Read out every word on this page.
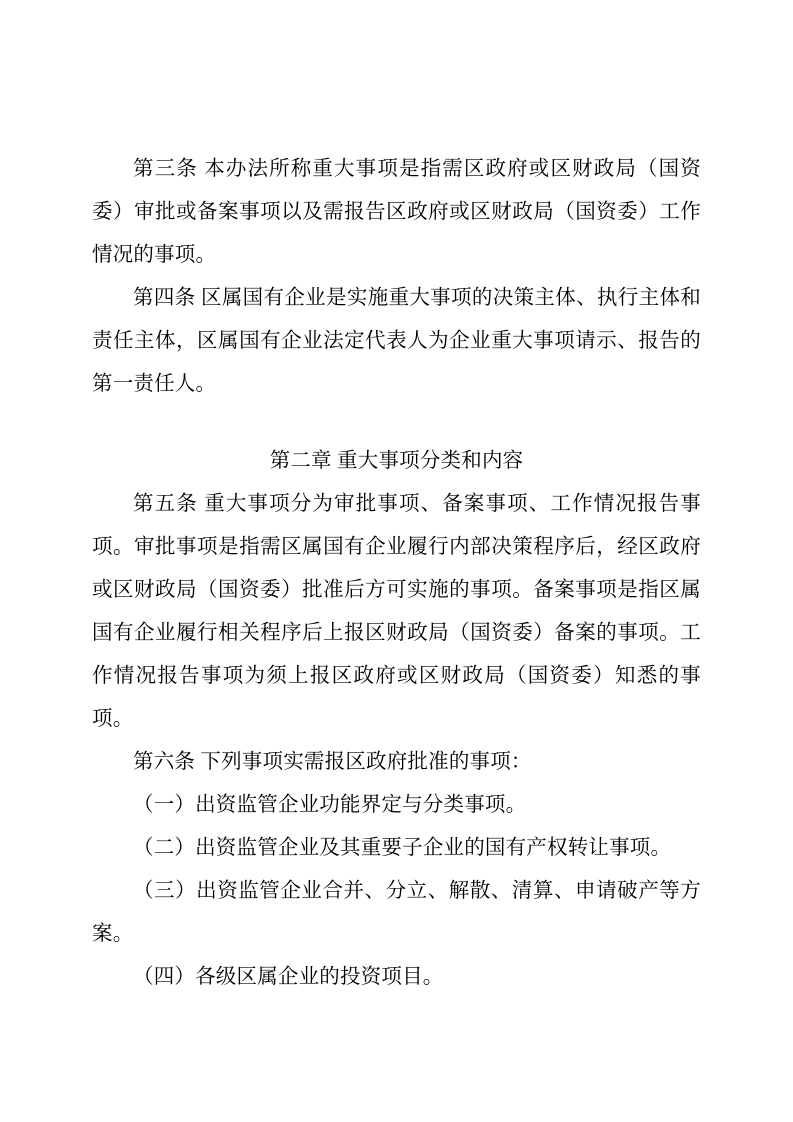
第三条 本办法所称重大事项是指需区政府或区财政局（国资委）审批或备案事项以及需报告区政府或区财政局（国资委）工作情况的事项。

第四条 区属国有企业是实施重大事项的决策主体、执行主体和责任主体，区属国有企业法定代表人为企业重大事项请示、报告的第一责任人。

第二章 重大事项分类和内容

第五条 重大事项分为审批事项、备案事项、工作情况报告事项。审批事项是指需区属国有企业履行内部决策程序后，经区政府或区财政局（国资委）批准后方可实施的事项。备案事项是指区属国有企业履行相关程序后上报区财政局（国资委）备案的事项。工作情况报告事项为须上报区政府或区财政局（国资委）知悉的事项。

第六条 下列事项实需报区政府批准的事项：

（一）出资监管企业功能界定与分类事项。

（二）出资监管企业及其重要子企业的国有产权转让事项。

（三）出资监管企业合并、分立、解散、清算、申请破产等方案。

（四）各级区属企业的投资项目。
